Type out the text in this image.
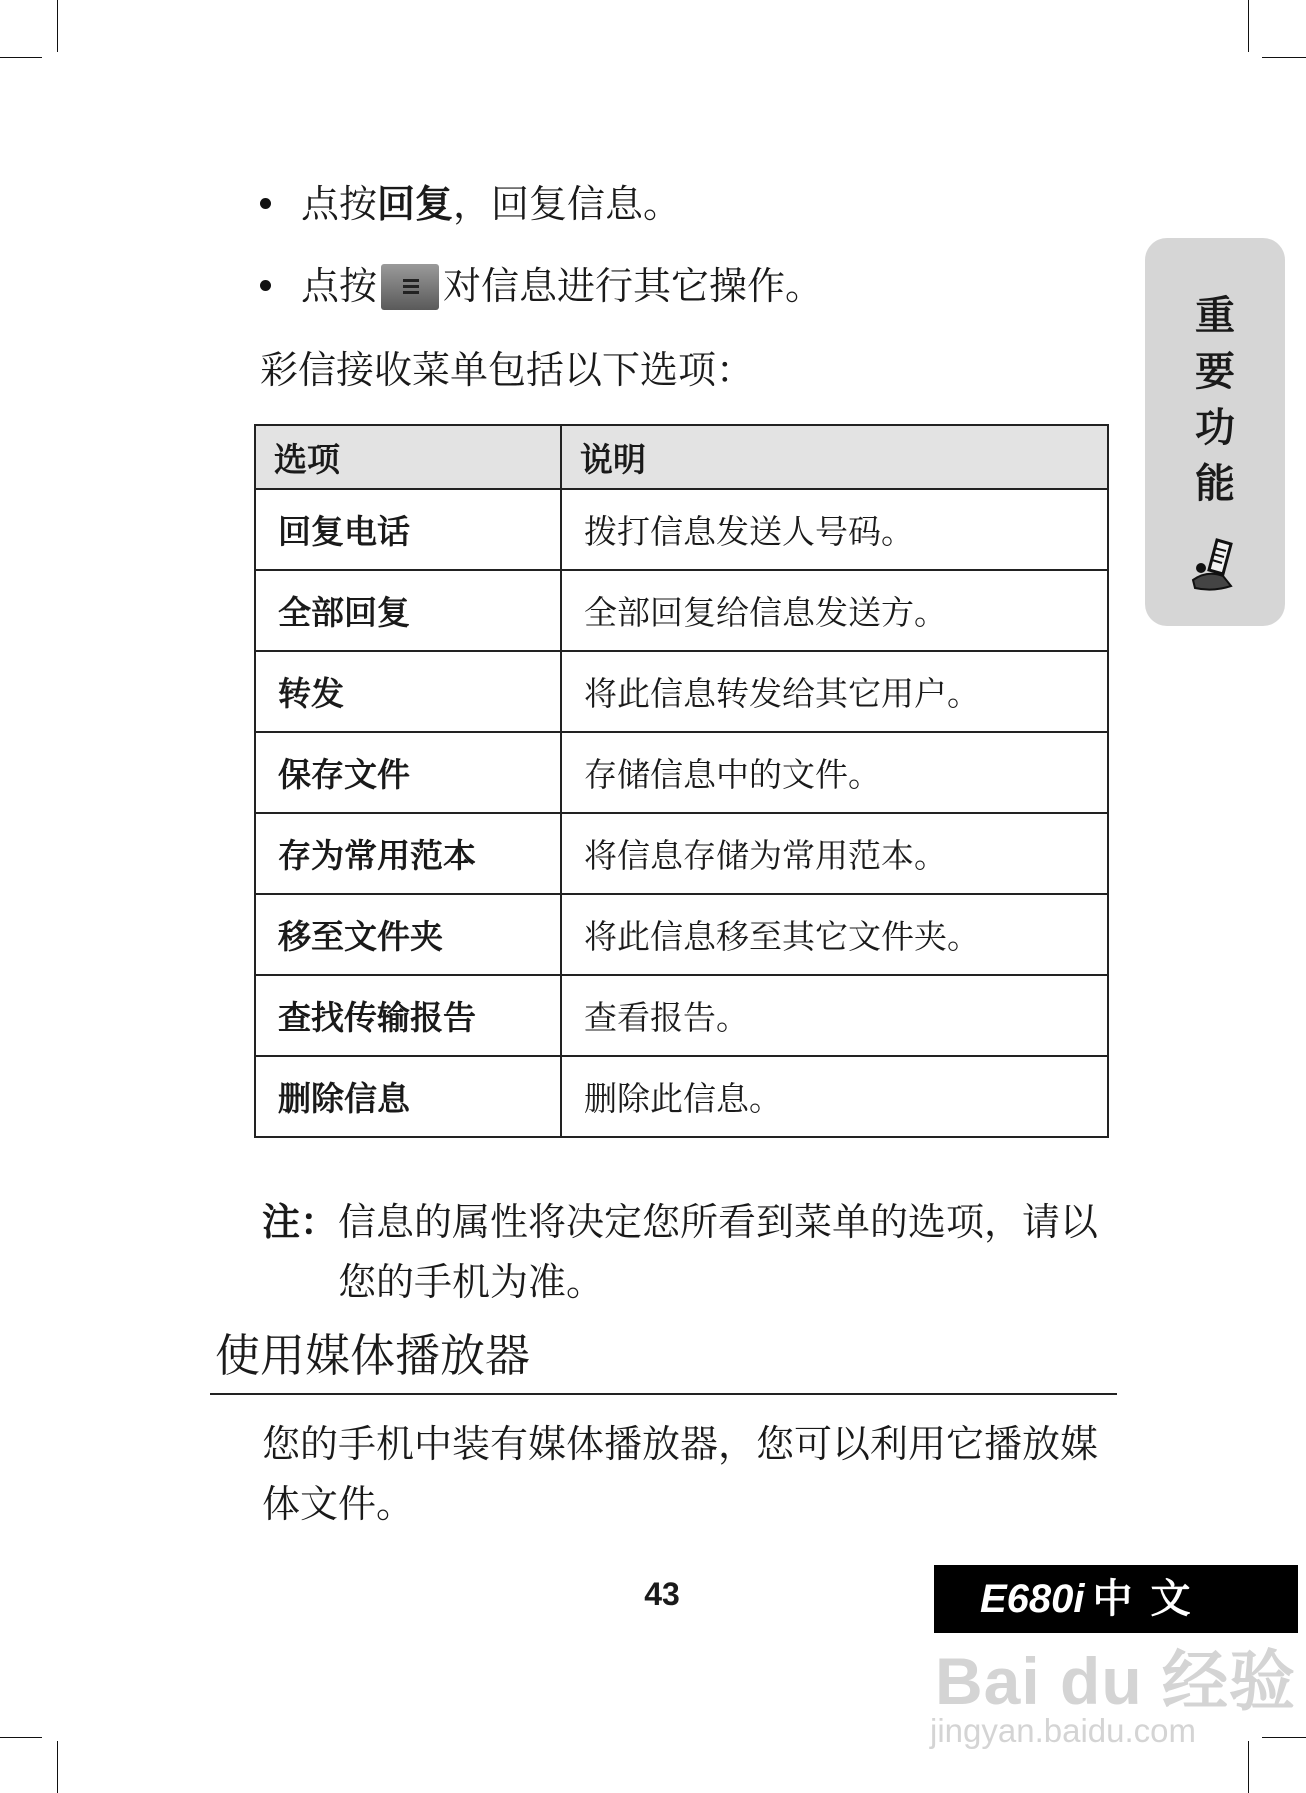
点按回复，回复信息。
点按 对信息进行其它操作。
彩信接收菜单包括以下选项：
选项	说明
回复电话	拨打信息发送人号码。
全部回复	全部回复给信息发送方。
转发	将此信息转发给其它用户。
保存文件	存储信息中的文件。
存为常用范本	将信息存储为常用范本。
移至文件夹	将此信息移至其它文件夹。
查找传输报告	查看报告。
删除信息	删除此信息。
注：信息的属性将决定您所看到菜单的选项，请以
您的手机为准。
使用媒体播放器
您的手机中装有媒体播放器，您可以利用它播放媒
体文件。
重
要
功
能
43	E680i 中文
Bai du 经验
jingyan.baidu.com
